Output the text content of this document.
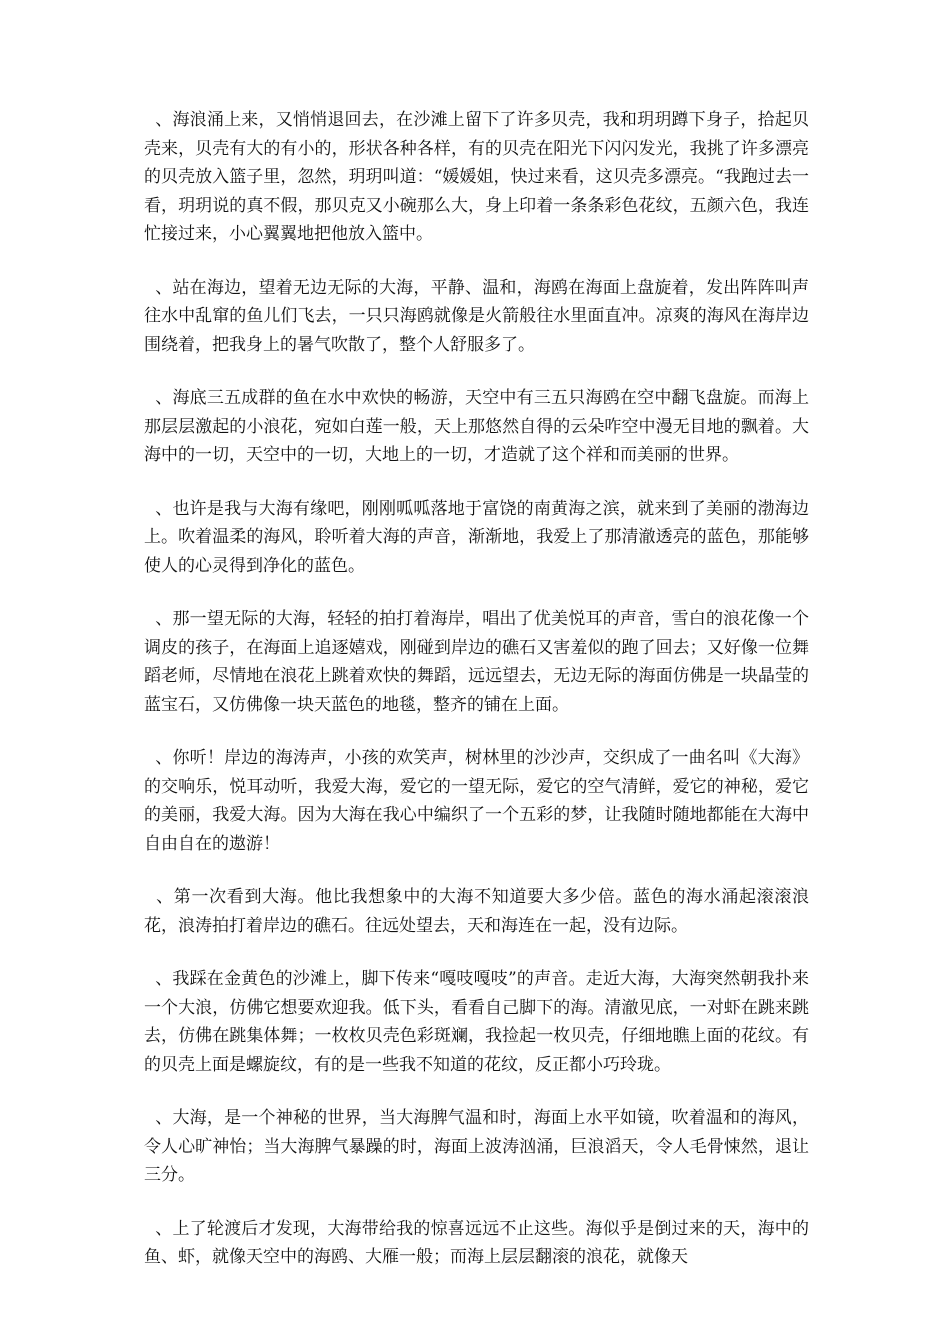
、海浪涌上来，又悄悄退回去，在沙滩上留下了许多贝壳，我和玥玥蹲下身子，拾起贝壳来，贝壳有大的有小的，形状各种各样，有的贝壳在阳光下闪闪发光，我挑了许多漂亮的贝壳放入篮子里，忽然，玥玥叫道：“媛媛姐，快过来看，这贝壳多漂亮。“我跑过去一看，玥玥说的真不假，那贝克又小碗那么大，身上印着一条条彩色花纹，五颜六色，我连忙接过来，小心翼翼地把他放入篮中。

、站在海边，望着无边无际的大海，平静、温和，海鸥在海面上盘旋着，发出阵阵叫声往水中乱窜的鱼儿们飞去，一只只海鸥就像是火箭般往水里面直冲。凉爽的海风在海岸边围绕着，把我身上的暑气吹散了，整个人舒服多了。

、海底三五成群的鱼在水中欢快的畅游，天空中有三五只海鸥在空中翻飞盘旋。而海上那层层激起的小浪花，宛如白莲一般，天上那悠然自得的云朵咋空中漫无目地的飘着。大海中的一切，天空中的一切，大地上的一切，才造就了这个祥和而美丽的世界。

、也许是我与大海有缘吧，刚刚呱呱落地于富饶的南黄海之滨，就来到了美丽的渤海边上。吹着温柔的海风，聆听着大海的声音，渐渐地，我爱上了那清澈透亮的蓝色，那能够使人的心灵得到净化的蓝色。

、那一望无际的大海，轻轻的拍打着海岸，唱出了优美悦耳的声音，雪白的浪花像一个调皮的孩子，在海面上追逐嬉戏，刚碰到岸边的礁石又害羞似的跑了回去；又好像一位舞蹈老师，尽情地在浪花上跳着欢快的舞蹈，远远望去，无边无际的海面仿佛是一块晶莹的蓝宝石，又仿佛像一块天蓝色的地毯，整齐的铺在上面。

、你听！岸边的海涛声，小孩的欢笑声，树林里的沙沙声，交织成了一曲名叫《大海》的交响乐，悦耳动听，我爱大海，爱它的一望无际，爱它的空气清鲜，爱它的神秘，爱它的美丽，我爱大海。因为大海在我心中编织了一个五彩的梦，让我随时随地都能在大海中自由自在的遨游！

、第一次看到大海。他比我想象中的大海不知道要大多少倍。蓝色的海水涌起滚滚浪花，浪涛拍打着岸边的礁石。往远处望去，天和海连在一起，没有边际。

、我踩在金黄色的沙滩上，脚下传来“嘎吱嘎吱”的声音。走近大海，大海突然朝我扑来一个大浪，仿佛它想要欢迎我。低下头，看看自己脚下的海。清澈见底，一对虾在跳来跳去，仿佛在跳集体舞；一枚枚贝壳色彩斑斓，我捡起一枚贝壳，仔细地瞧上面的花纹。有的贝壳上面是螺旋纹，有的是一些我不知道的花纹，反正都小巧玲珑。

、大海，是一个神秘的世界，当大海脾气温和时，海面上水平如镜，吹着温和的海风，令人心旷神怡；当大海脾气暴躁的时，海面上波涛汹涌，巨浪滔天，令人毛骨悚然，退让三分。

、上了轮渡后才发现，大海带给我的惊喜远远不止这些。海似乎是倒过来的天，海中的鱼、虾，就像天空中的海鸥、大雁一般；而海上层层翻滚的浪花，就像天
